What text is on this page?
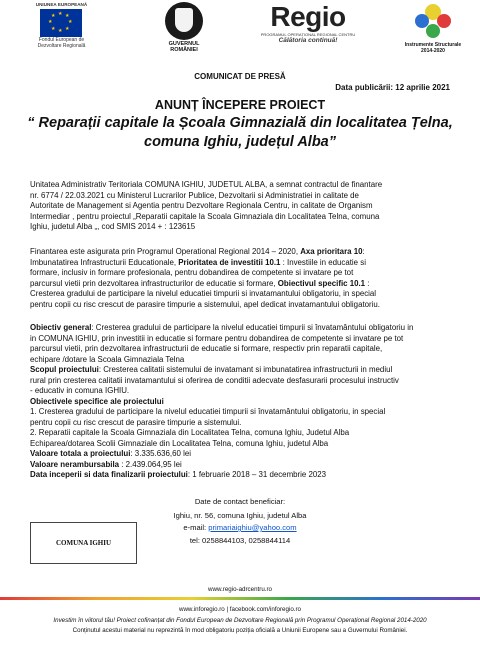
UNIUNEA EUROPEANĂ
★ ★
★
★
★
★
★
★
Fondul European de
Dezvoltare Regională	GUVERNUL ROMÂNIEI
Regio
PROGRAMUL OPERAȚIONAL REGIONAL CENTRU
Călătoria continuă!
Instrumente Structurale
2014-2020
COMUNICAT DE PRESĂ
Data publicării: 12 aprilie 2021
ANUNȚ ÎNCEPERE PROIECT
“ Reparații capitale la Școala Gimnazială din localitatea Țelna,
comuna Ighiu, județul Alba”
Unitatea Administrativ Teritoriala COMUNA IGHIU, JUDETUL ALBA, a semnat contractul de finantare
nr. 6774 / 22.03.2021 cu Ministerul Lucrarilor Publice, Dezvoltarii si Administratiei in calitate de
Autoritate de Management si Agentia pentru Dezvoltare Regionala Centru, in calitate de Organism
Intermediar , pentru proiectul „Reparatii capitale la Scoala Gimnaziala din Localitatea Telna, comuna
Ighiu, judetul Alba „, cod SMIS 2014 + : 123615
Finantarea este asigurata prin Programul Operational Regional 2014 – 2020, Axa prioritara 10:
Imbunatatirea Infrastructurii Educationale, Prioritatea de investitii 10.1 : Investiile in educatie si
formare, inclusiv in formare profesionala, pentru dobandirea de competente si invatare pe tot
parcursul vietii prin dezvoltarea infrastructurilor de educatie si formare, Obiectivul specific 10.1 :
Cresterea gradului de participare la nivelul educatiei timpurii si invatamantului obligatoriu, in special
pentru copii cu risc crescut de parasire timpurie a sistemului, apel dedicat invatamantului obligatoriu.
Obiectiv general: Cresterea gradului de participare la nivelul educatiei timpurii si învatamântului obligatoriu in
in COMUNA IGHIU, prin investitii in educatie si formare pentru dobandirea de competente si invatare pe tot
parcursul vietii, prin dezvoltarea infrastructurii de educatie si formare, respectiv prin reparatii capitale,
echipare /dotare la Scoala Gimnaziala Telna
Scopul proiectului: Cresterea calitatii sistemului de invatamant si imbunatatirea infrastructurii in mediul
rural prin cresterea calitatii invatamantului si oferirea de conditii adecvate desfasurarii procesului instructiv
- educativ in comuna IGHIU.
Obiectivele specifice ale proiectului
1. Cresterea gradului de participare la nivelul educatiei timpurii si învatamântului obligatoriu, in special
pentru copii cu risc crescut de parasire timpurie a sistemului.
2. Reparatii capitale la Scoala Gimnaziala din Localitatea Telna, comuna Ighiu, Judetul Alba
Echiparea/dotarea Scolii Gimnaziale din Localitatea Telna, comuna Ighiu, judetul Alba
Valoare totala a proiectului: 3.335.636,60 lei
Valoare nerambursabila : 2.439.064,95 lei
Data inceperii si data finalizarii proiectului: 1 februarie 2018 – 31 decembrie 2023
COMUNA IGHIU
Date de contact beneficiar:
Ighiu, nr. 56, comuna Ighiu, judetul Alba
e-mail: primariaighiu@yahoo.com
tel: 0258844103, 0258844114
www.regio-adrcentru.ro
www.inforegio.ro | facebook.com/inforegio.ro
Investim în viitorul tău! Proiect cofinanțat din Fondul European de Dezvoltare Regională prin Programul Operațional Regional 2014-2020
Conținutul acestui material nu reprezintă în mod obligatoriu poziția oficială a Uniunii Europene sau a Guvernului României.
